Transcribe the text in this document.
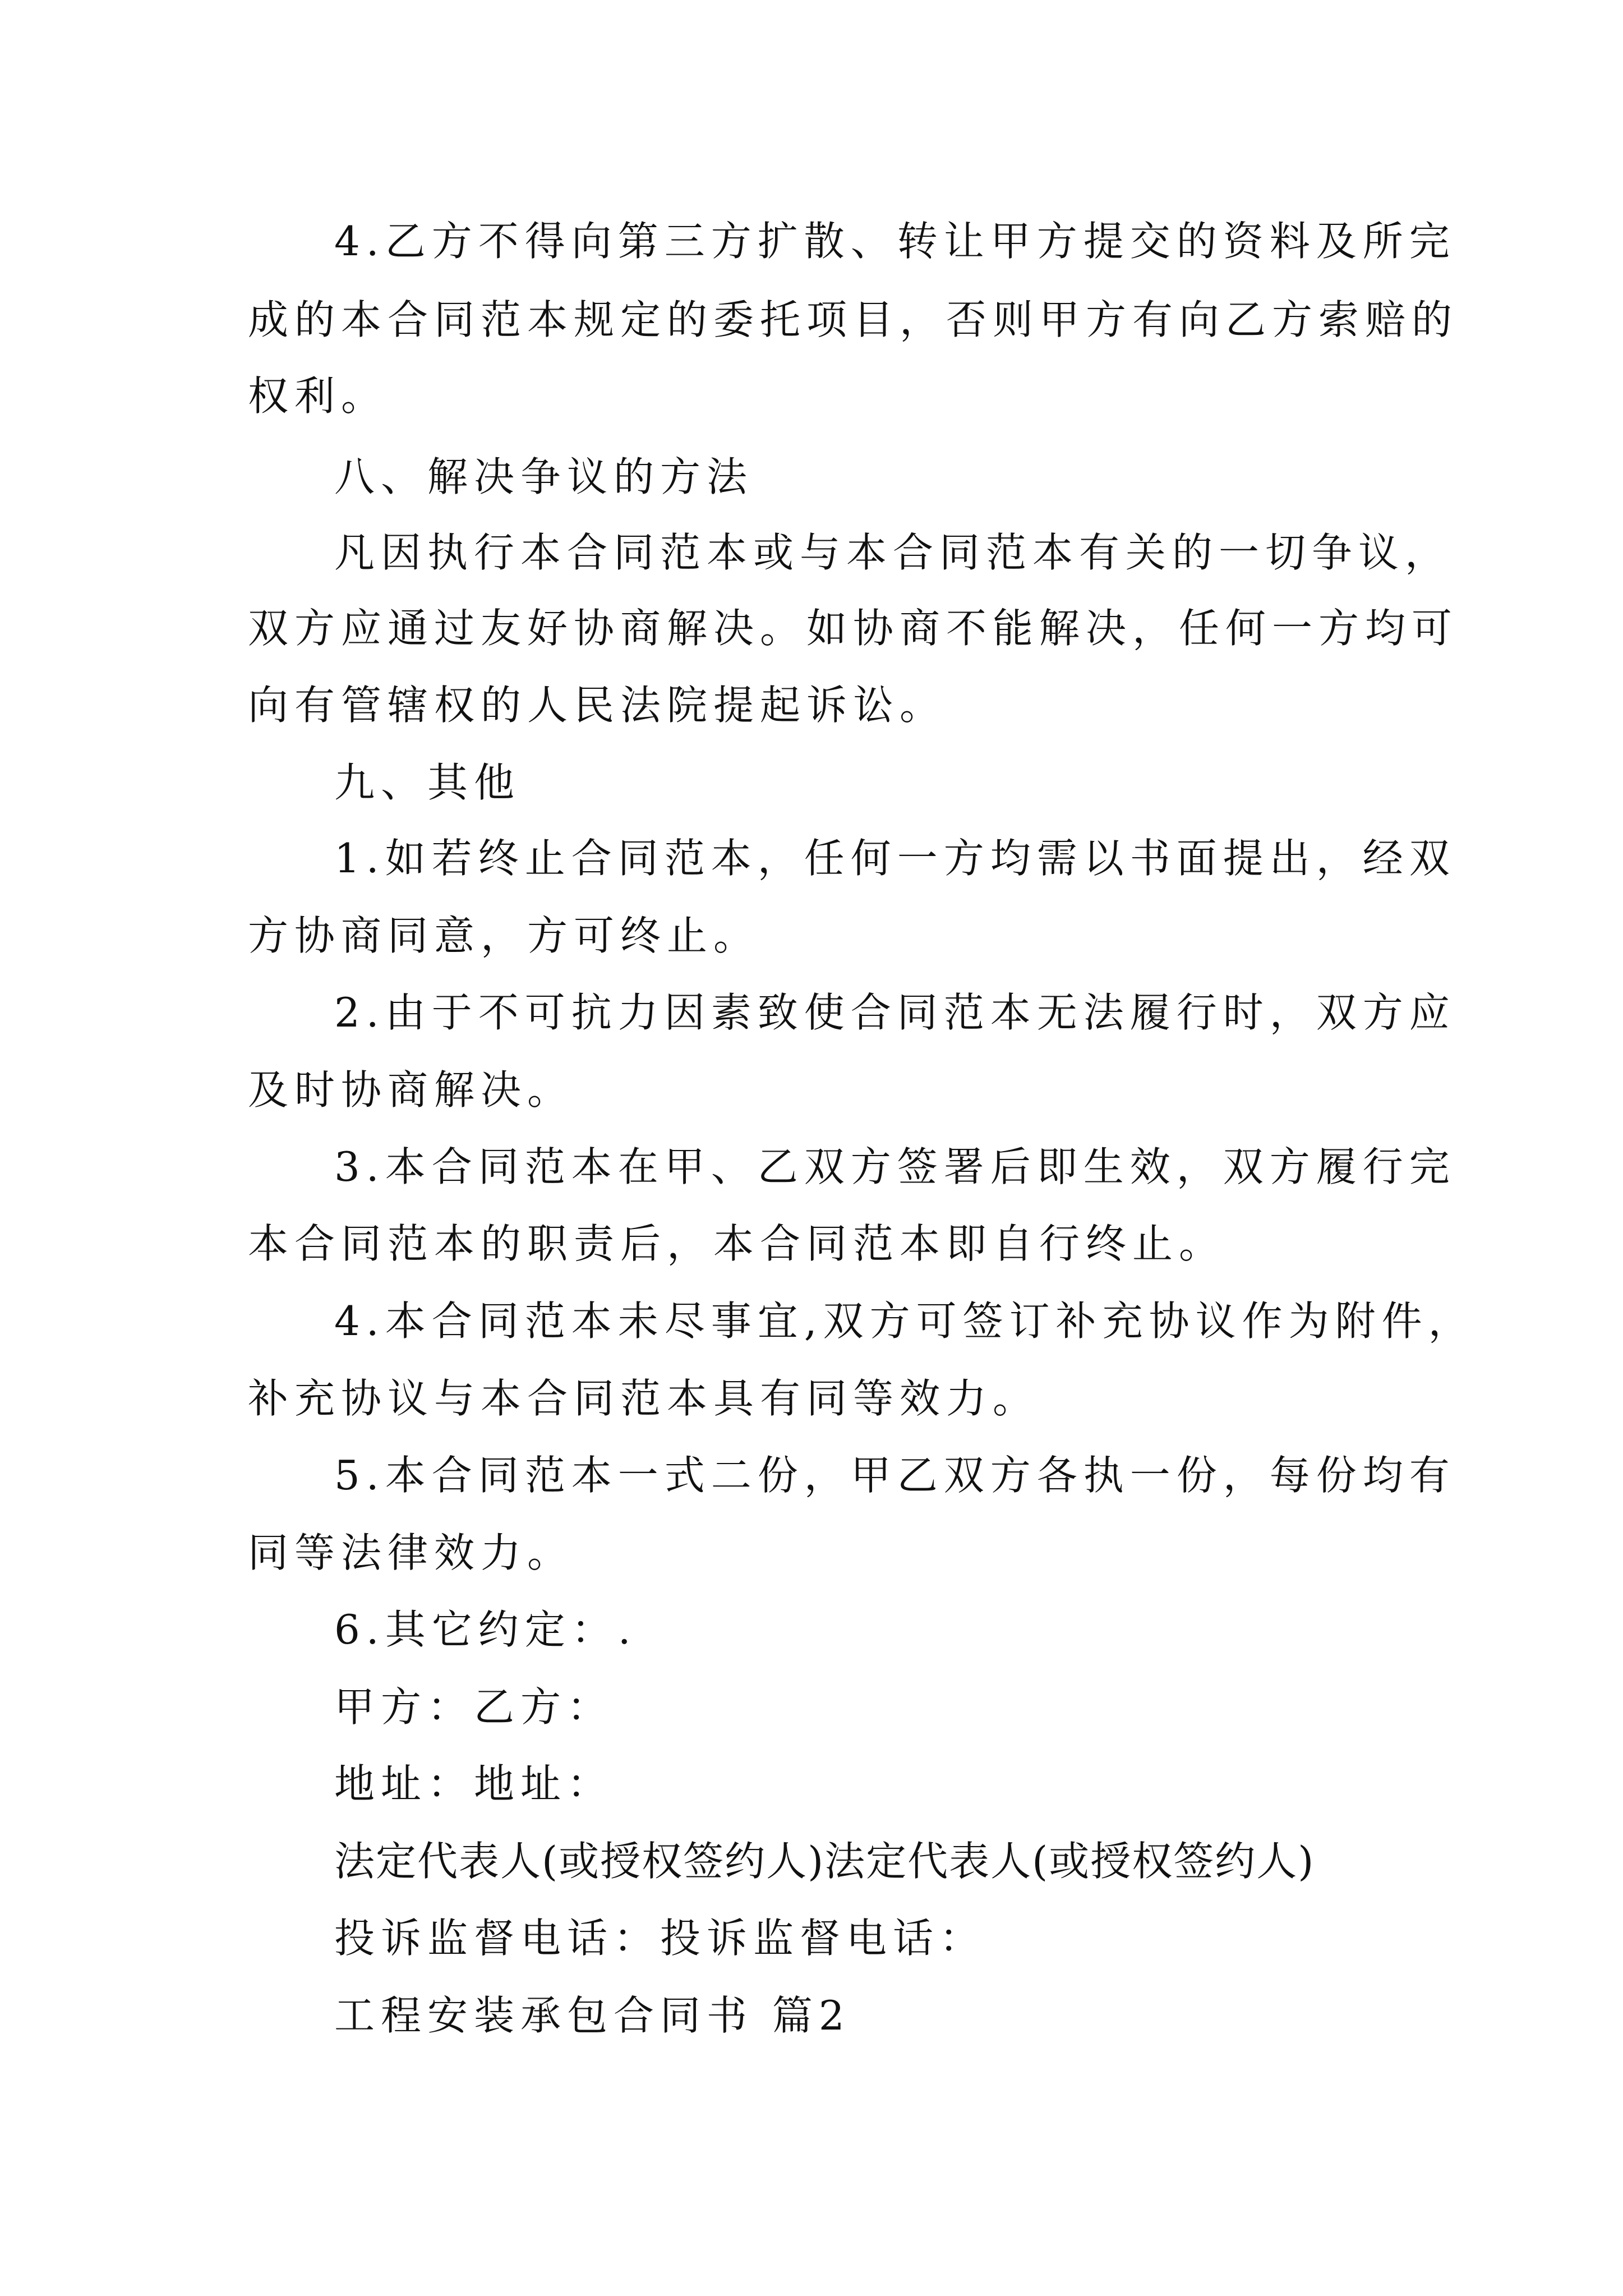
4.乙方不得向第三方扩散、转让甲方提交的资料及所完
成的本合同范本规定的委托项目，否则甲方有向乙方索赔的
权利。
八、解决争议的方法
凡因执行本合同范本或与本合同范本有关的一切争议，
双方应通过友好协商解决。如协商不能解决，任何一方均可
向有管辖权的人民法院提起诉讼。
九、其他
1.如若终止合同范本，任何一方均需以书面提出，经双
方协商同意，方可终止。
2.由于不可抗力因素致使合同范本无法履行时，双方应
及时协商解决。
3.本合同范本在甲、乙双方签署后即生效，双方履行完
本合同范本的职责后，本合同范本即自行终止。
4.本合同范本未尽事宜,双方可签订补充协议作为附件，
补充协议与本合同范本具有同等效力。
5.本合同范本一式二份，甲乙双方各执一份，每份均有
同等法律效力。
6.其它约定：.
甲方：乙方：
地址：地址：
法定代表人(或授权签约人)法定代表人(或授权签约人)
投诉监督电话：投诉监督电话：
工程安装承包合同书 篇2
